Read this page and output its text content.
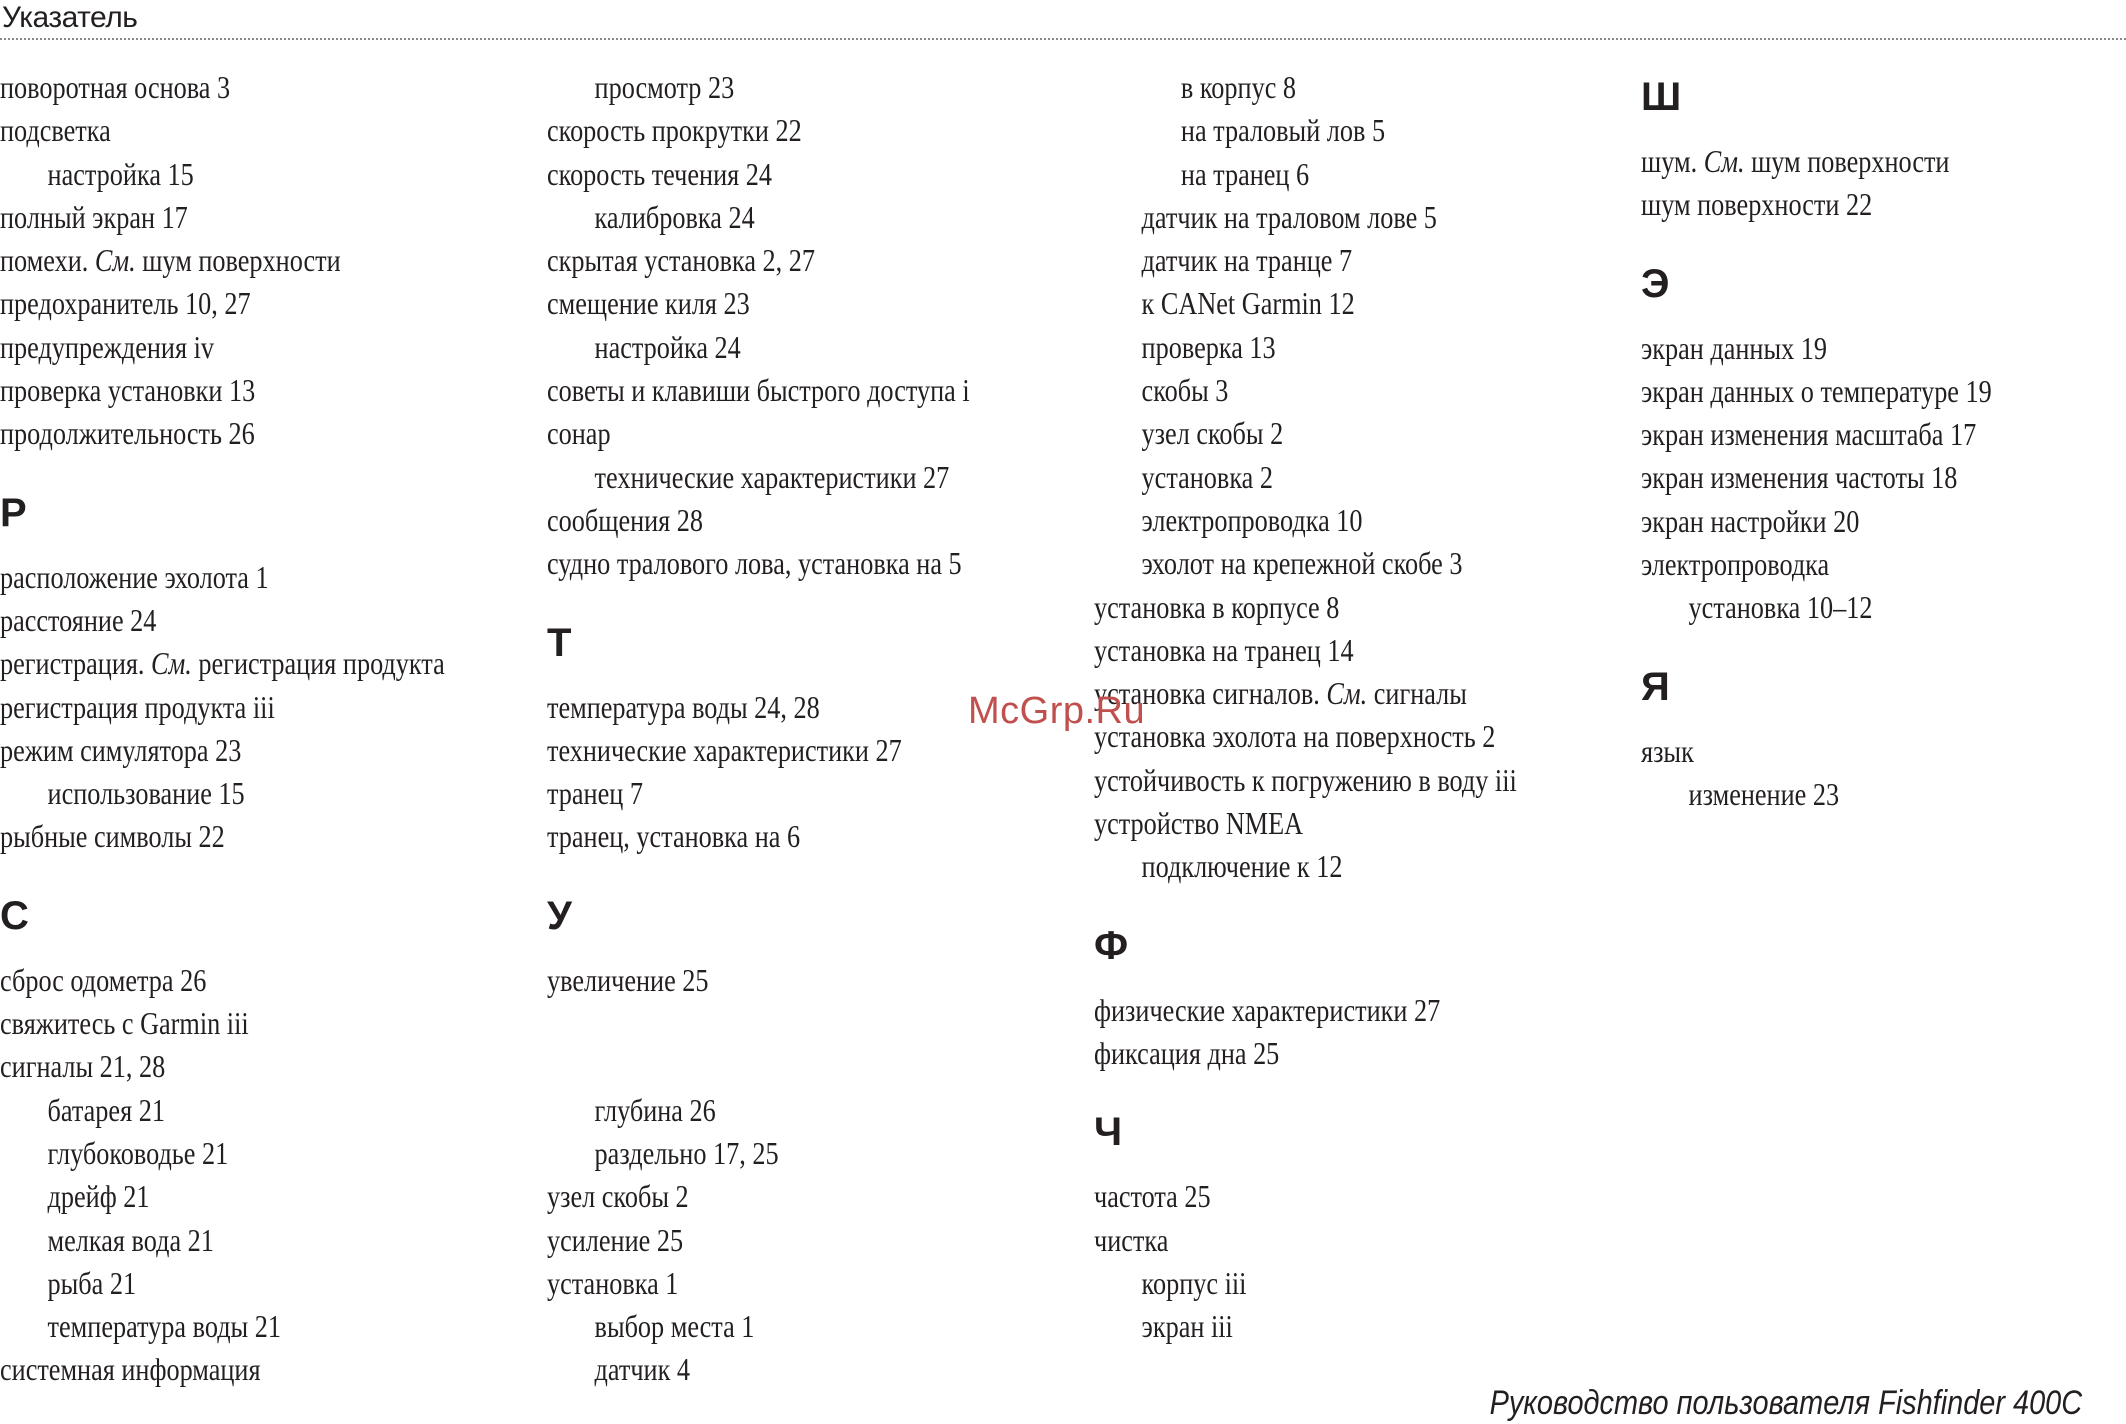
Указатель
поворотная основа 3
подсветка
настройка 15
полный экран 17
помехи. См. шум поверхности
предохранитель 10, 27
предупреждения iv
проверка установки 13
продолжительность 26
Р
расположение эхолота 1
расстояние 24
регистрация. См. регистрация продукта
регистрация продукта iii
режим симулятора 23
использование 15
рыбные символы 22
С
сброс одометра 26
свяжитесь с Garmin iii
сигналы 21, 28
батарея 21
глубоководье 21
дрейф 21
мелкая вода 21
рыба 21
температура воды 21
системная информация
просмотр 23
скорость прокрутки 22
скорость течения 24
калибровка 24
скрытая установка 2, 27
смещение киля 23
настройка 24
советы и клавиши быстрого доступа i
сонар
технические характеристики 27
сообщения 28
судно тралового лова, установка на 5
Т
температура воды 24, 28
технические характеристики 27
транец 7
транец, установка на 6
У
увеличение 25
глубина 26
раздельно 17, 25
узел скобы 2
усиление 25
установка 1
выбор места 1
датчик 4
в корпус 8
на траловый лов 5
на транец 6
датчик на траловом лове 5
датчик на транце 7
к CANet Garmin 12
проверка 13
скобы 3
узел скобы 2
установка 2
электропроводка 10
эхолот на крепежной скобе 3
установка в корпусе 8
установка на транец 14
установка сигналов. См. сигналы
установка эхолота на поверхность 2
устойчивость к погружению в воду iii
устройство NMEA
подключение к 12
Ф
физические характеристики 27
фиксация дна 25
Ч
частота 25
чистка
корпус iii
экран iii
Ш
шум. См. шум поверхности
шум поверхности 22
Э
экран данных 19
экран данных о температуре 19
экран изменения масштаба 17
экран изменения частоты 18
экран настройки 20
электропроводка
установка 10–12
Я
язык
изменение 23
McGrp.Ru
Руководство пользователя Fishfinder 400C
